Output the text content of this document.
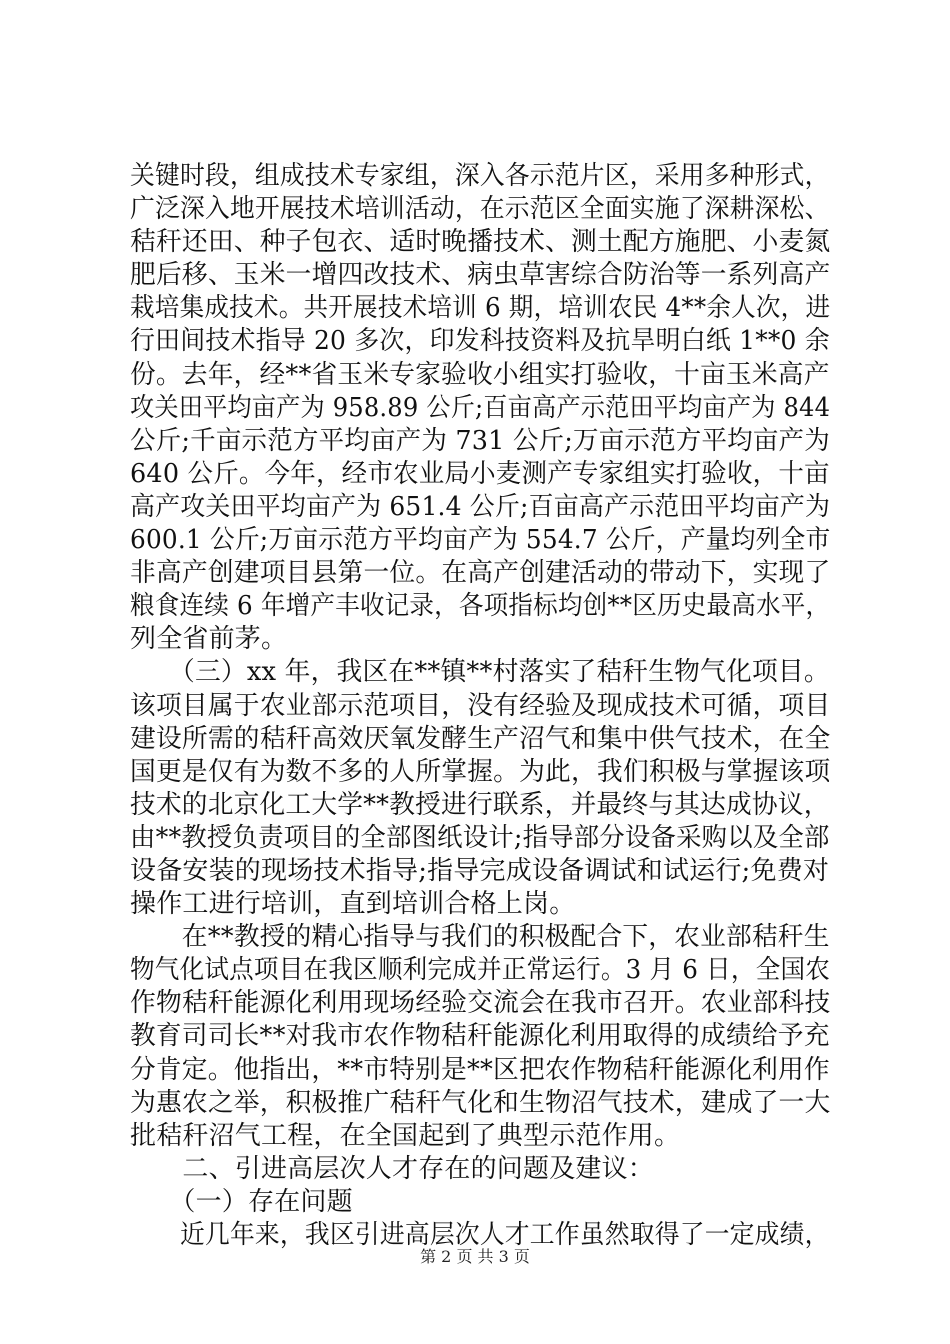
关键时段，组成技术专家组，深入各示范片区，采用多种形式，
广泛深入地开展技术培训活动，在示范区全面实施了深耕深松、
秸秆还田、种子包衣、适时晚播技术、测土配方施肥、小麦氮
肥后移、玉米一增四改技术、病虫草害综合防治等一系列高产
栽培集成技术。共开展技术培训 6 期，培训农民 4**余人次，进
行田间技术指导 20 多次，印发科技资料及抗旱明白纸 1**0 余
份。去年，经**省玉米专家验收小组实打验收，十亩玉米高产
攻关田平均亩产为 958.89 公斤;百亩高产示范田平均亩产为 844
公斤;千亩示范方平均亩产为 731 公斤;万亩示范方平均亩产为
640 公斤。今年，经市农业局小麦测产专家组实打验收，十亩
高产攻关田平均亩产为 651.4 公斤;百亩高产示范田平均亩产为
600.1 公斤;万亩示范方平均亩产为 554.7 公斤，产量均列全市
非高产创建项目县第一位。在高产创建活动的带动下，实现了
粮食连续 6 年增产丰收记录，各项指标均创**区历史最高水平，
列全省前茅。
　　（三）xx 年，我区在**镇**村落实了秸秆生物气化项目。
该项目属于农业部示范项目，没有经验及现成技术可循，项目
建设所需的秸秆高效厌氧发酵生产沼气和集中供气技术，在全
国更是仅有为数不多的人所掌握。为此，我们积极与掌握该项
技术的北京化工大学**教授进行联系，并最终与其达成协议，
由**教授负责项目的全部图纸设计;指导部分设备采购以及全部
设备安装的现场技术指导;指导完成设备调试和试运行;免费对
操作工进行培训，直到培训合格上岗。
　　在**教授的精心指导与我们的积极配合下，农业部秸秆生
物气化试点项目在我区顺利完成并正常运行。3 月 6 日，全国农
作物秸秆能源化利用现场经验交流会在我市召开。农业部科技
教育司司长**对我市农作物秸秆能源化利用取得的成绩给予充
分肯定。他指出，**市特别是**区把农作物秸秆能源化利用作
为惠农之举，积极推广秸秆气化和生物沼气技术，建成了一大
批秸秆沼气工程，在全国起到了典型示范作用。
　　二、引进高层次人才存在的问题及建议：
　　（一）存在问题
　　近几年来，我区引进高层次人才工作虽然取得了一定成绩，
第 2 页 共 3 页
